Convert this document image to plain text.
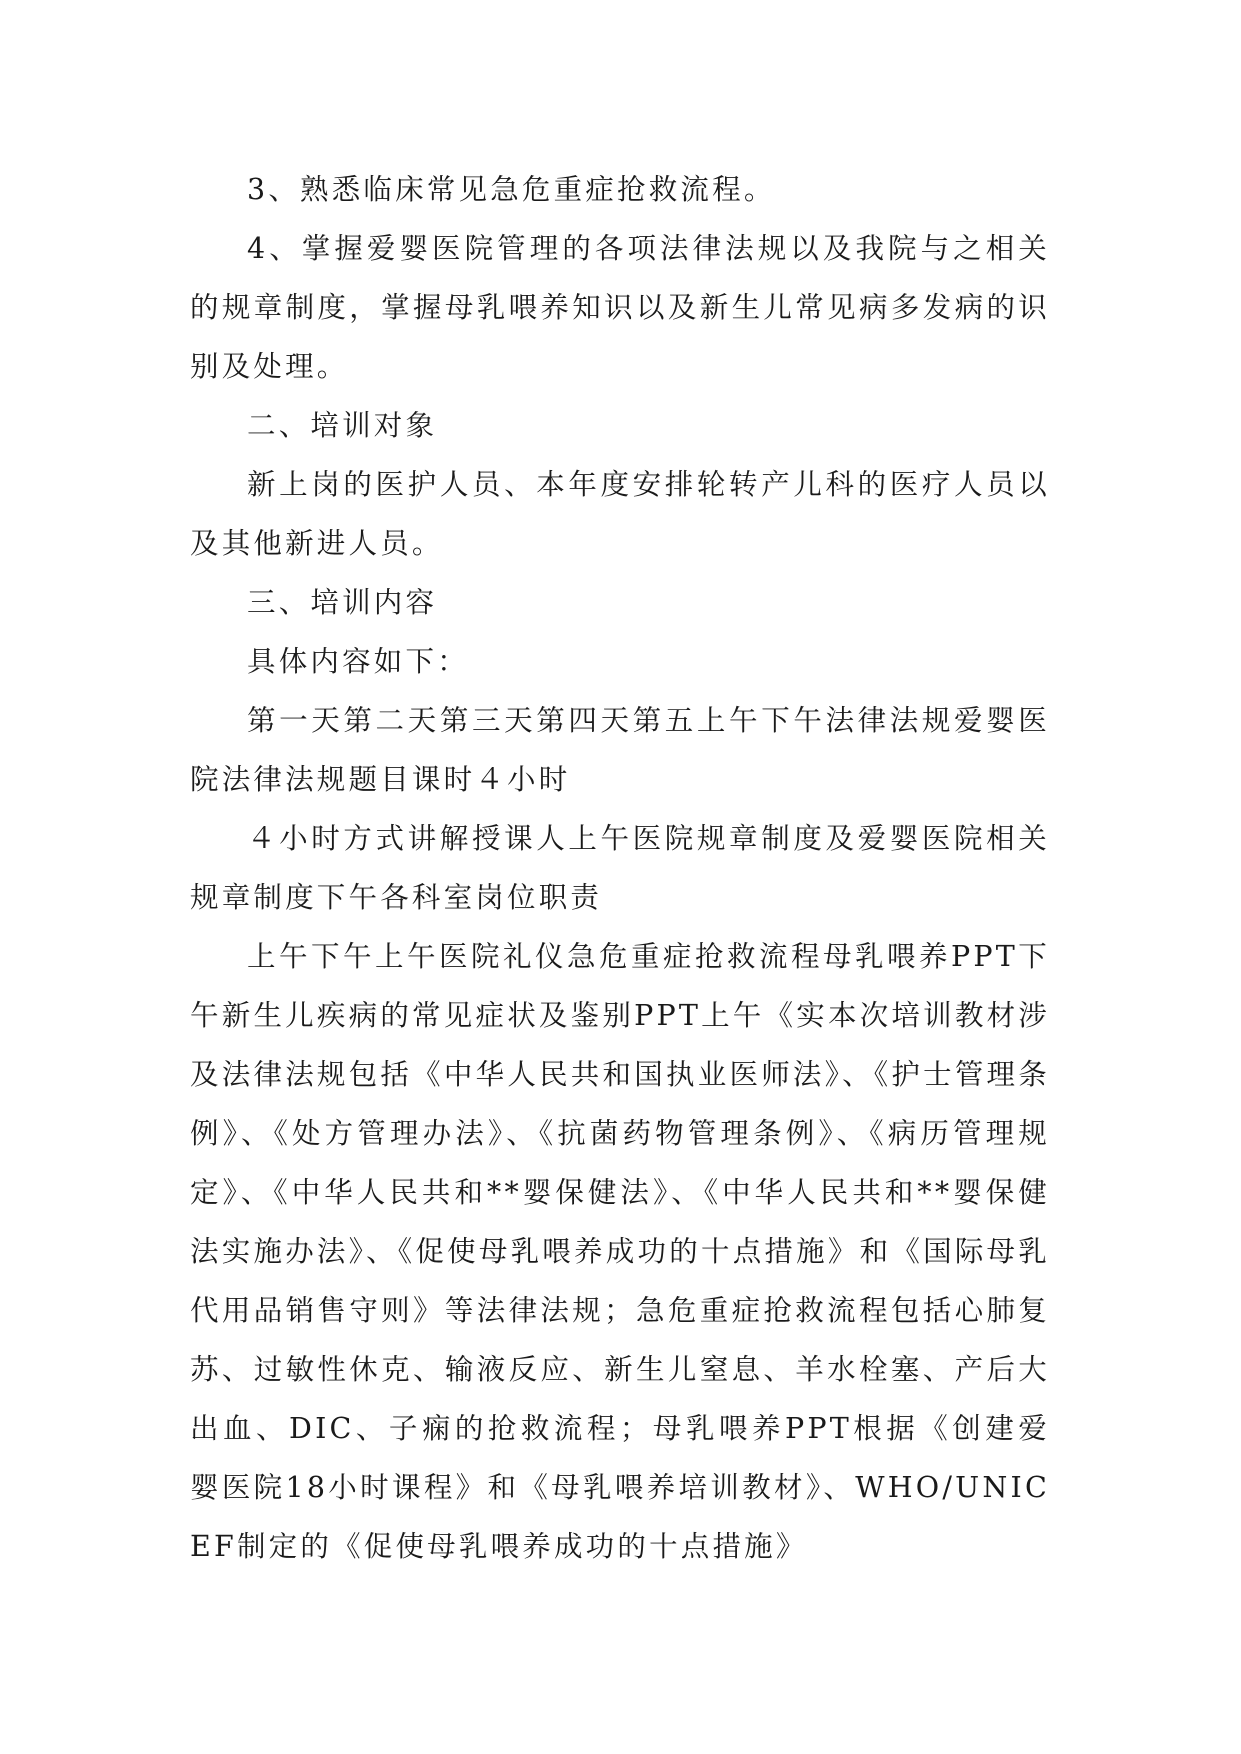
3、熟悉临床常见急危重症抢救流程。

4、掌握爱婴医院管理的各项法律法规以及我院与之相关的规章制度，掌握母乳喂养知识以及新生儿常见病多发病的识别及处理。

二、培训对象

新上岗的医护人员、本年度安排轮转产儿科的医疗人员以及其他新进人员。

三、培训内容

具体内容如下：

第一天第二天第三天第四天第五上午下午法律法规爱婴医院法律法规题目课时４小时

４小时方式讲解授课人上午医院规章制度及爱婴医院相关规章制度下午各科室岗位职责

上午下午上午医院礼仪急危重症抢救流程母乳喂养PPT下午新生儿疾病的常见症状及鉴别PPT上午《实本次培训教材涉及法律法规包括《中华人民共和国执业医师法》、《护士管理条例》、《处方管理办法》、《抗菌药物管理条例》、《病历管理规定》、《中华人民共和**婴保健法》、《中华人民共和**婴保健法实施办法》、《促使母乳喂养成功的十点措施》和《国际母乳代用品销售守则》等法律法规；急危重症抢救流程包括心肺复苏、过敏性休克、输液反应、新生儿窒息、羊水栓塞、产后大出血、DIC、子痫的抢救流程；母乳喂养PPT根据《创建爱婴医院18小时课程》和《母乳喂养培训教材》、WHO/UNICEF制定的《促使母乳喂养成功的十点措施》
